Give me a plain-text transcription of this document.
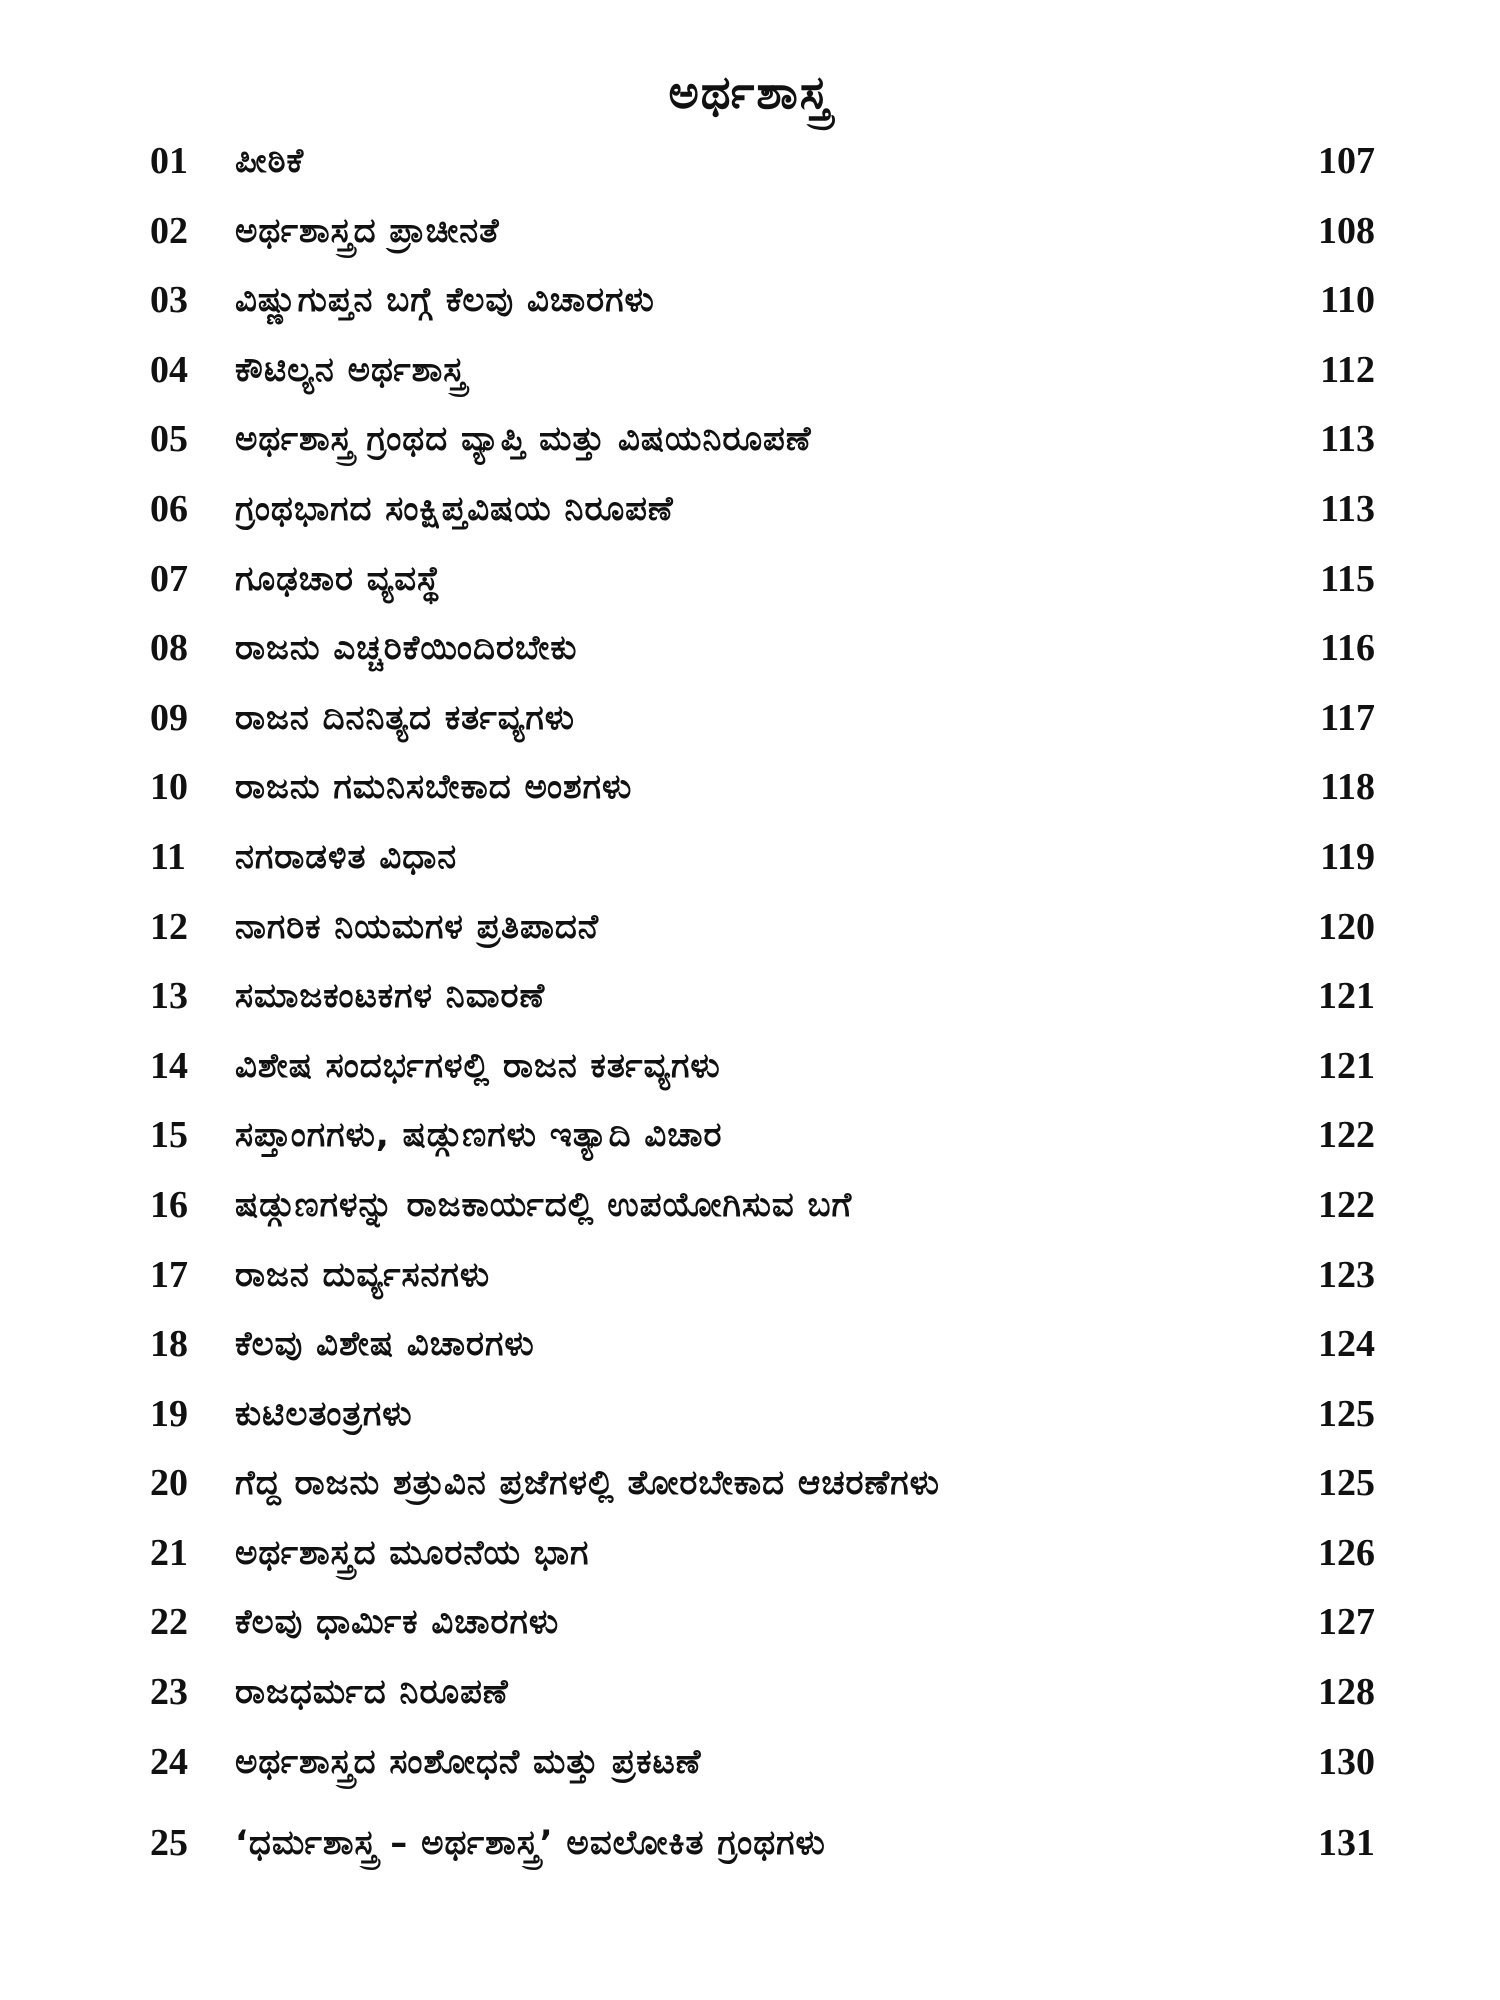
ಅರ್ಥಶಾಸ್ತ್ರ
01 ಪೀಠಿಕೆ	107
02 ಅರ್ಥಶಾಸ್ತ್ರದ ಪ್ರಾಚೀನತೆ	108
03 ವಿಷ್ಣುಗುಪ್ತನ ಬಗ್ಗೆ ಕೆಲವು ವಿಚಾರಗಳು	110
04 ಕೌಟಿಲ್ಯನ ಅರ್ಥಶಾಸ್ತ್ರ	112
05 ಅರ್ಥಶಾಸ್ತ್ರ ಗ್ರಂಥದ ವ್ಯಾಪ್ತಿ ಮತ್ತು ವಿಷಯನಿರೂಪಣೆ	113
06 ಗ್ರಂಥಭಾಗದ ಸಂಕ್ಷಿಪ್ತವಿಷಯ ನಿರೂಪಣೆ	113
07 ಗೂಢಚಾರ ವ್ಯವಸ್ಥೆ	115
08 ರಾಜನು ಎಚ್ಚರಿಕೆಯಿಂದಿರಬೇಕು	116
09 ರಾಜನ ದಿನನಿತ್ಯದ ಕರ್ತವ್ಯಗಳು	117
10 ರಾಜನು ಗಮನಿಸಬೇಕಾದ ಅಂಶಗಳು	118
11 ನಗರಾಡಳಿತ ವಿಧಾನ	119
12 ನಾಗರಿಕ ನಿಯಮಗಳ ಪ್ರತಿಪಾದನೆ	120
13 ಸಮಾಜಕಂಟಕಗಳ ನಿವಾರಣೆ	121
14 ವಿಶೇಷ ಸಂದರ್ಭಗಳಲ್ಲಿ ರಾಜನ ಕರ್ತವ್ಯಗಳು	121
15 ಸಪ್ತಾಂಗಗಳು, ಷಡ್ಗುಣಗಳು ಇತ್ಯಾದಿ ವಿಚಾರ	122
16 ಷಡ್ಗುಣಗಳನ್ನು ರಾಜಕಾರ್ಯದಲ್ಲಿ ಉಪಯೋಗಿಸುವ ಬಗೆ	122
17 ರಾಜನ ದುರ್ವ್ಯಸನಗಳು	123
18 ಕೆಲವು ವಿಶೇಷ ವಿಚಾರಗಳು	124
19 ಕುಟಿಲತಂತ್ರಗಳು	125
20 ಗೆದ್ದ ರಾಜನು ಶತ್ರುವಿನ ಪ್ರಜೆಗಳಲ್ಲಿ ತೋರಬೇಕಾದ ಆಚರಣೆಗಳು	125
21 ಅರ್ಥಶಾಸ್ತ್ರದ ಮೂರನೆಯ ಭಾಗ	126
22 ಕೆಲವು ಧಾರ್ಮಿಕ ವಿಚಾರಗಳು	127
23 ರಾಜಧರ್ಮದ ನಿರೂಪಣೆ	128
24 ಅರ್ಥಶಾಸ್ತ್ರದ ಸಂಶೋಧನೆ ಮತ್ತು ಪ್ರಕಟಣೆ	130
25 ‘ಧರ್ಮಶಾಸ್ತ್ರ – ಅರ್ಥಶಾಸ್ತ್ರ’ ಅವಲೋಕಿತ ಗ್ರಂಥಗಳು	131
